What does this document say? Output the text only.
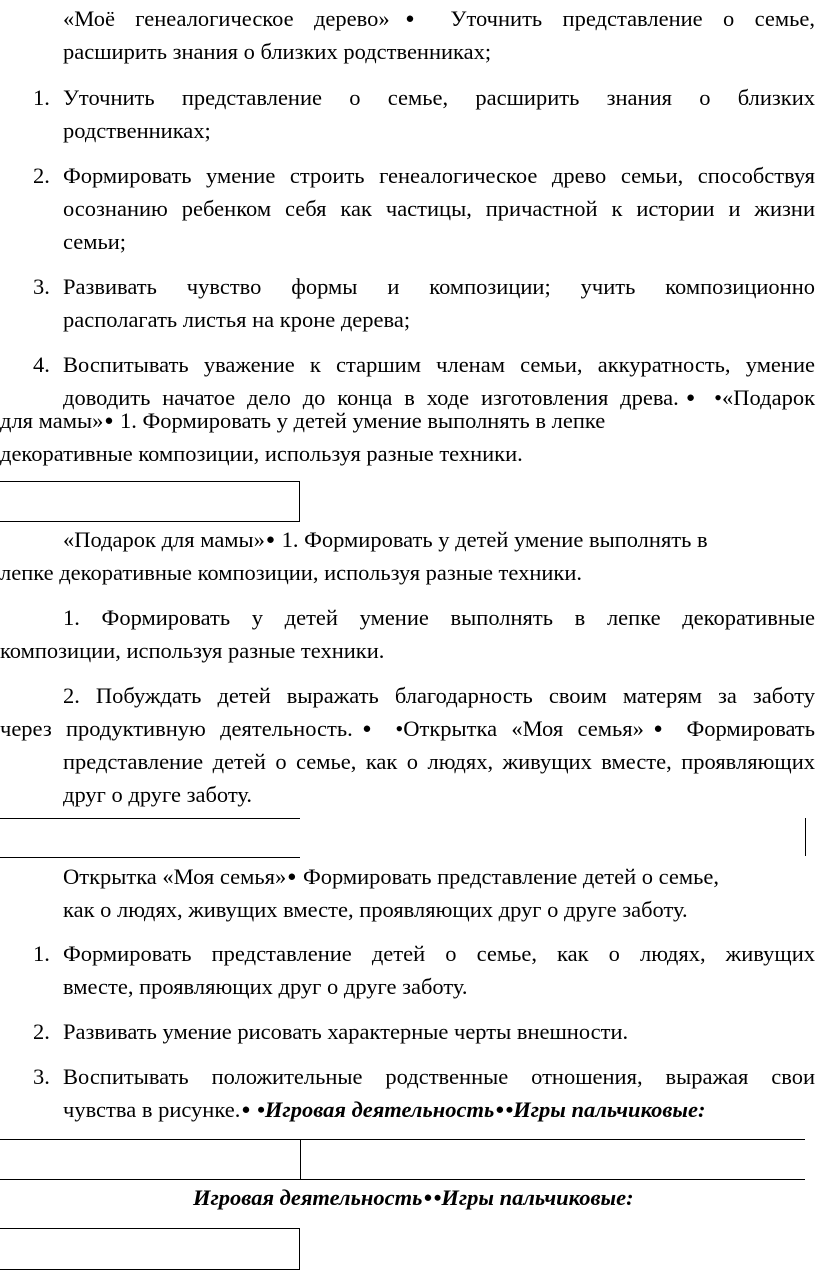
«Моё генеалогическое дерево»● Уточнить представление о семье,
расширить знания о близких родственниках;
1. Уточнить представление о семье, расширить знания о близких
родственниках;
2. Формировать умение строить генеалогическое древо семьи, способствуя
осознанию ребенком себя как частицы, причастной к истории и жизни
семьи;
3. Развивать чувство формы и композиции; учить композиционно
располагать листья на кроне дерева;
4. Воспитывать уважение к старшим членам семьи, аккуратность, умение
доводить начатое дело до конца в ходе изготовления древа.● •«Подарок
для мамы»● 1. Формировать у детей умение выполнять в лепке
декоративные композиции, используя разные техники.
«Подарок для мамы»● 1. Формировать у детей умение выполнять в
лепке декоративные композиции, используя разные техники.
1. Формировать у детей умение выполнять в лепке декоративные
композиции, используя разные техники.
2. Побуждать детей выражать благодарность своим матерям за заботу
через продуктивную деятельность.● •Открытка «Моя семья»● Формировать
представление детей о семье, как о людях, живущих вместе, проявляющих
друг о друге заботу.
Открытка «Моя семья»● Формировать представление детей о семье,
как о людях, живущих вместе, проявляющих друг о друге заботу.
1. Формировать представление детей о семье, как о людях, живущих
вместе, проявляющих друг о друге заботу.
2. Развивать умение рисовать характерные черты внешности.
3. Воспитывать положительные родственные отношения, выражая свои
чувства в рисунке.● •Игровая деятельность●•Игры пальчиковые:
Игровая деятельность●•Игры пальчиковые:
